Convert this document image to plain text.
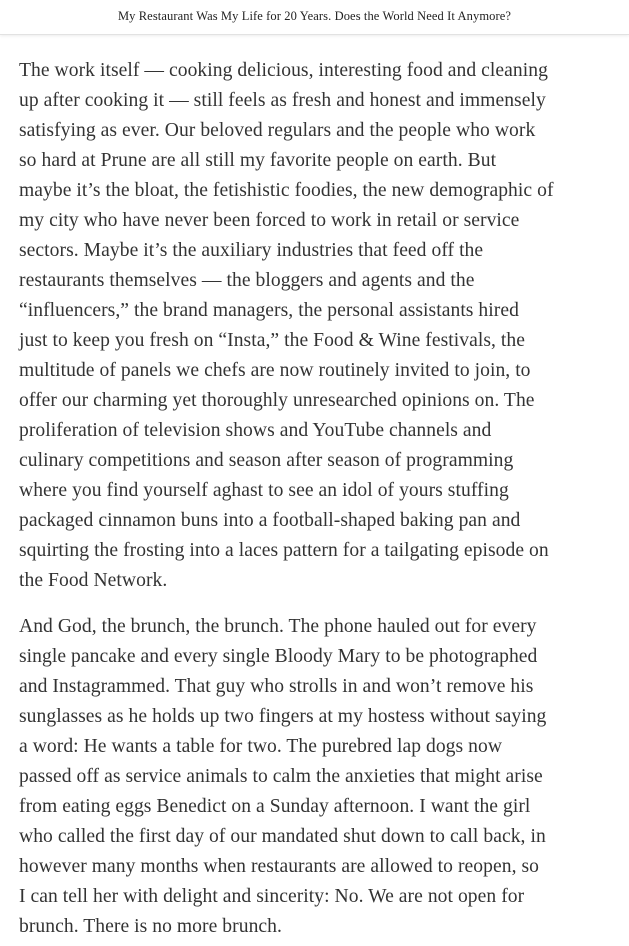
My Restaurant Was My Life for 20 Years. Does the World Need It Anymore?

The work itself — cooking delicious, interesting food and cleaning
up after cooking it — still feels as fresh and honest and immensely
satisfying as ever. Our beloved regulars and the people who work
so hard at Prune are all still my favorite people on earth. But
maybe it’s the bloat, the fetishistic foodies, the new demographic of
my city who have never been forced to work in retail or service
sectors. Maybe it’s the auxiliary industries that feed off the
restaurants themselves — the bloggers and agents and the
“influencers,” the brand managers, the personal assistants hired
just to keep you fresh on “Insta,” the Food & Wine festivals, the
multitude of panels we chefs are now routinely invited to join, to
offer our charming yet thoroughly unresearched opinions on. The
proliferation of television shows and YouTube channels and
culinary competitions and season after season of programming
where you find yourself aghast to see an idol of yours stuffing
packaged cinnamon buns into a football-shaped baking pan and
squirting the frosting into a laces pattern for a tailgating episode on
the Food Network.

And God, the brunch, the brunch. The phone hauled out for every
single pancake and every single Bloody Mary to be photographed
and Instagrammed. That guy who strolls in and won’t remove his
sunglasses as he holds up two fingers at my hostess without saying
a word: He wants a table for two. The purebred lap dogs now
passed off as service animals to calm the anxieties that might arise
from eating eggs Benedict on a Sunday afternoon. I want the girl
who called the first day of our mandated shut down to call back, in
however many months when restaurants are allowed to reopen, so
I can tell her with delight and sincerity: No. We are not open for
brunch. There is no more brunch.
